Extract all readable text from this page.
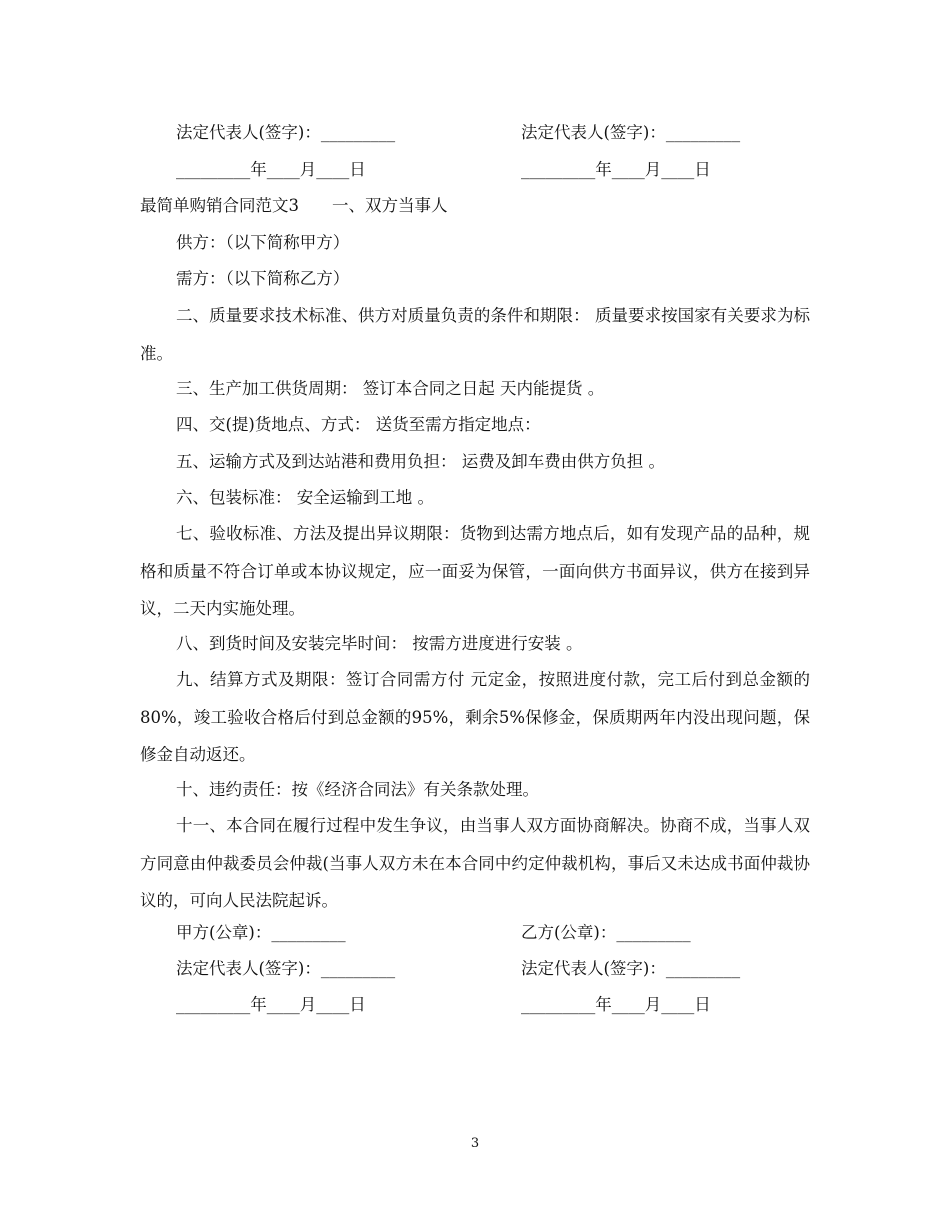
法定代表人(签字)：_________	法定代表人(签字)：_________
_________年____月____日	_________年____月____日
最简单购销合同范文3　　一、双方当事人
供方：（以下简称甲方）
需方：（以下简称乙方）

二、质量要求技术标准、供方对质量负责的条件和期限： 质量要求按国家有关要求为标准。

三、生产加工供货周期： 签订本合同之日起 天内能提货 。

四、交(提)货地点、方式： 送货至需方指定地点：

五、运输方式及到达站港和费用负担： 运费及卸车费由供方负担 。

六、包装标准： 安全运输到工地 。

七、验收标准、方法及提出异议期限：货物到达需方地点后，如有发现产品的品种，规格和质量不符合订单或本协议规定，应一面妥为保管，一面向供方书面异议，供方在接到异议，二天内实施处理。

八、到货时间及安装完毕时间： 按需方进度进行安装 。

九、结算方式及期限：签订合同需方付 元定金，按照进度付款，完工后付到总金额的80%，竣工验收合格后付到总金额的95%，剩余5%保修金，保质期两年内没出现问题，保修金自动返还。

十、违约责任：按《经济合同法》有关条款处理。

十一、本合同在履行过程中发生争议，由当事人双方面协商解决。协商不成，当事人双方同意由仲裁委员会仲裁(当事人双方未在本合同中约定仲裁机构，事后又未达成书面仲裁协议的，可向人民法院起诉。

甲方(公章)：_________	乙方(公章)：_________
法定代表人(签字)：_________	法定代表人(签字)：_________
_________年____月____日	_________年____月____日
3
